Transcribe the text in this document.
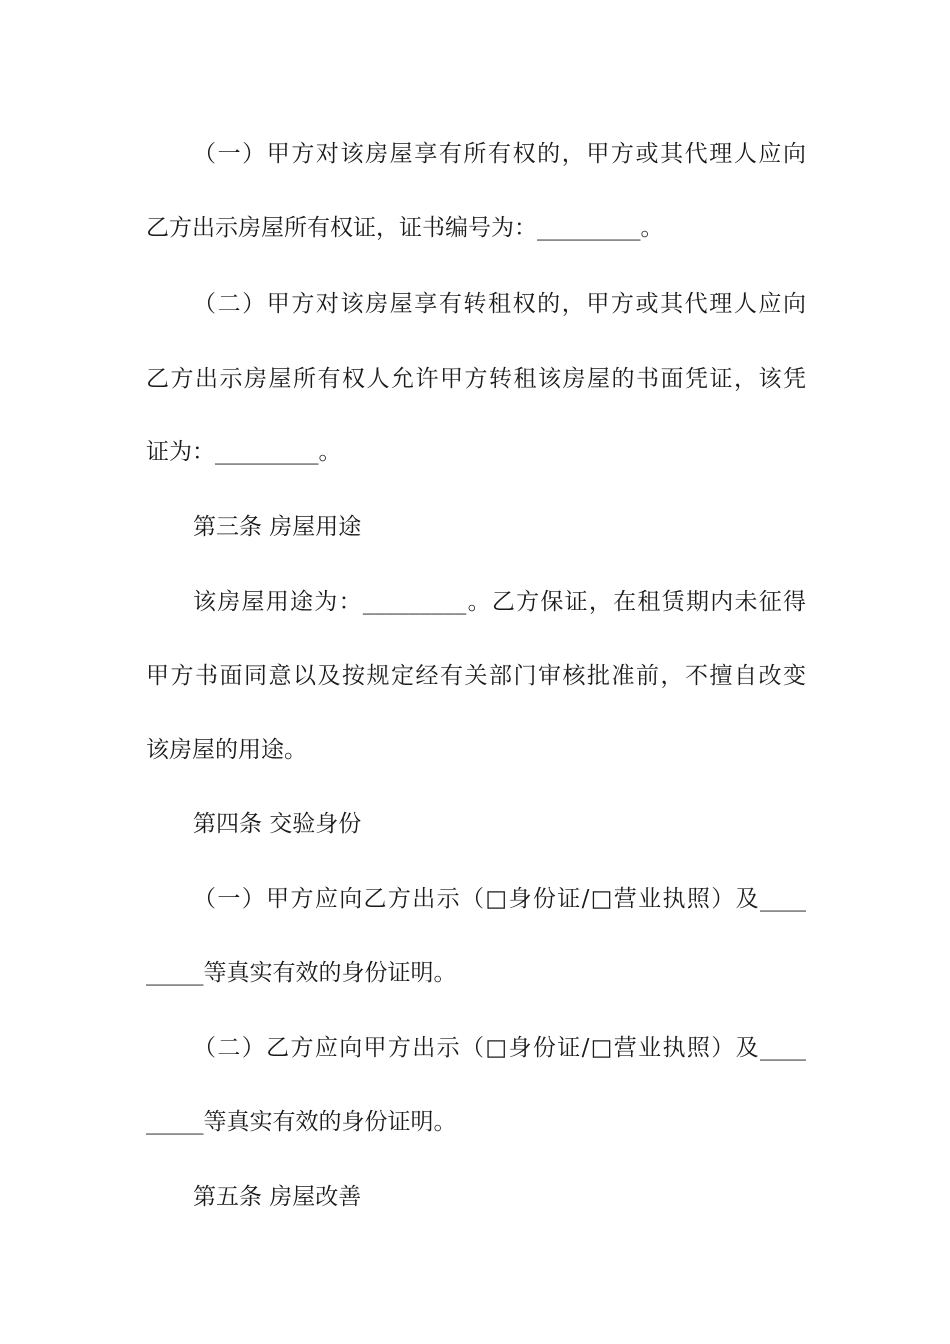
（一）甲方对该房屋享有所有权的，甲方或其代理人应向
乙方出示房屋所有权证，证书编号为：_________。
（二）甲方对该房屋享有转租权的，甲方或其代理人应向
乙方出示房屋所有权人允许甲方转租该房屋的书面凭证，该凭
证为：_________。
第三条 房屋用途
该房屋用途为：_________。乙方保证，在租赁期内未征得
甲方书面同意以及按规定经有关部门审核批准前，不擅自改变
该房屋的用途。
第四条 交验身份
（一）甲方应向乙方出示（□身份证/□营业执照）及____
_____等真实有效的身份证明。
（二）乙方应向甲方出示（□身份证/□营业执照）及____
_____等真实有效的身份证明。
第五条 房屋改善
